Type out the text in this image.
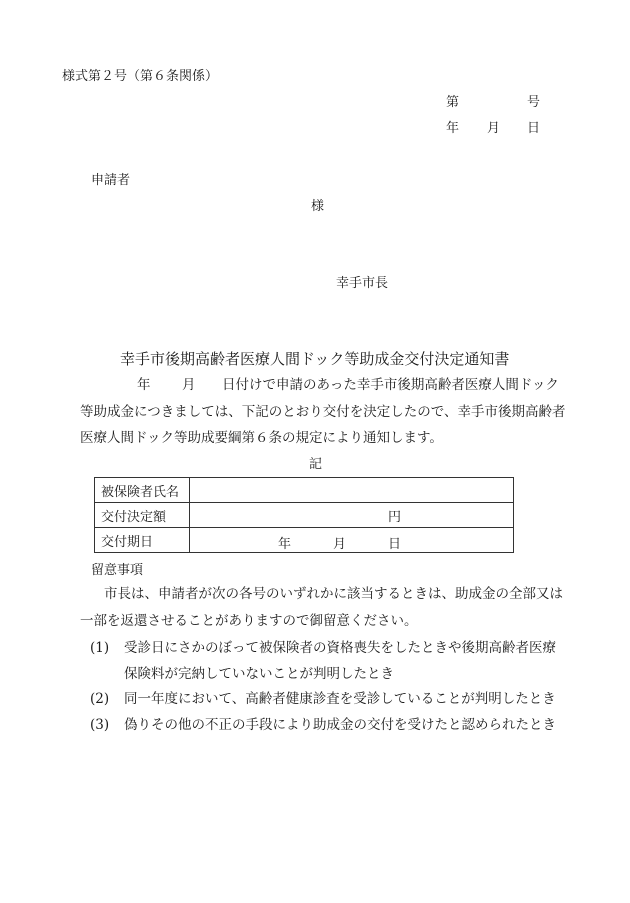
様式第２号（第６条関係）
第	号
年 月 日
申請者
様
幸手市長
幸手市後期高齢者医療人間ドック等助成金交付決定通知書
年 月 日付けで申請のあった幸手市後期高齢者医療人間ドック
等助成金につきましては、下記のとおり交付を決定したので、幸手市後期高齢者
医療人間ドック等助成要綱第６条の規定により通知します。
記
被保険者氏名	
交付決定額	円
交付期日	年 月 日
留意事項
市長は、申請者が次の各号のいずれかに該当するときは、助成金の全部又は
一部を返還させることがありますので御留意ください。
(1) 受診日にさかのぼって被保険者の資格喪失をしたときや後期高齢者医療
保険料が完納していないことが判明したとき
(2) 同一年度において、高齢者健康診査を受診していることが判明したとき
(3) 偽りその他の不正の手段により助成金の交付を受けたと認められたとき
